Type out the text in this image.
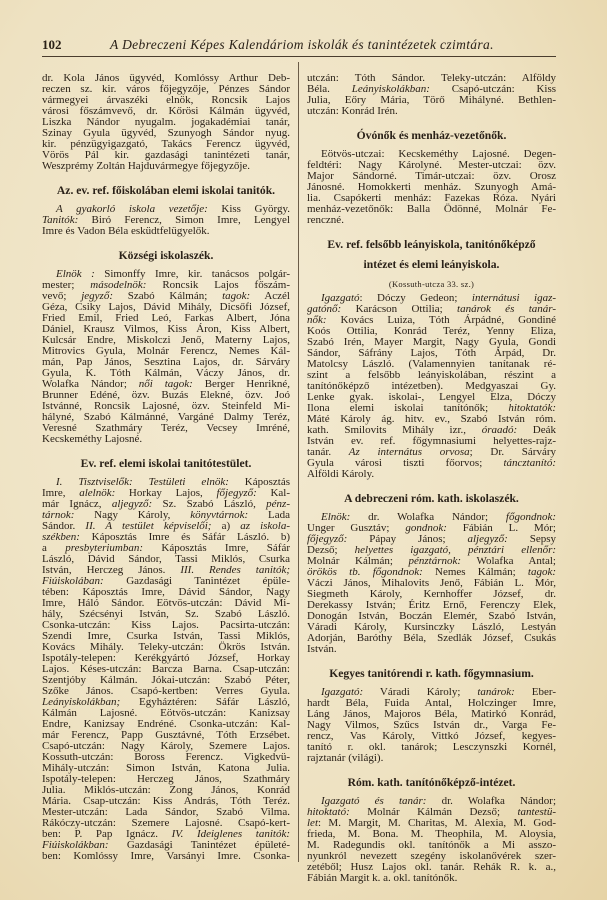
102	A Debreczeni Képes Kalendáriom iskolák és tanintézetek czimtára.
dr. Kola János ügyvéd, Komlóssy Arthur Deb-
reczen sz. kir. város főjegyzője, Pénzes Sándor
vármegyei árvaszéki elnök, Roncsik Lajos
városi főszámvevő, dr. Kőrösi Kálmán ügyvéd,
Liszka Nándor nyugalm. jogakadémiai tanár,
Szinay Gyula ügyvéd, Szunyogh Sándor nyug.
kir. pénzügyigazgató, Takács Ferencz ügyvéd,
Vörös Pál kir. gazdasági tanintézeti tanár,
Weszprémy Zoltán Hajduvármegye főjegyzője.
Az. ev. ref. főiskolában elemi iskolai tanitók.
A gyakorló iskola vezetője: Kiss György.
Tanitók: Biró Ferencz, Simon Imre, Lengyel
Imre és Vadon Béla esküdtfelügyelők.
Községi iskolaszék.
Elnök : Simonffy Imre, kir. tanácsos polgár-
mester; másodelnök: Roncsik Lajos főszám-
vevő; jegyző: Szabó Kálmán; tagok: Aczél
Géza, Csiky Lajos, Dávid Mihály, Dicsőfi József,
Fried Emil, Fried Leó, Farkas Albert, Jóna
Dániel, Krausz Vilmos, Kiss Áron, Kiss Albert,
Kulcsár Endre, Miskolczi Jenő, Materny Lajos,
Mitrovics Gyula, Molnár Ferencz, Nemes Kál-
mán, Pap János, Sesztina Lajos, dr. Sárváry
Gyula, K. Tóth Kálmán, Váczy János, dr.
Wolafka Nándor; női tagok: Berger Henrikné,
Brunner Edéné, özv. Buzás Elekné, özv. Joó
Istvánné, Roncsik Lajosné, özv. Steinfeld Mi-
hályné, Szabó Kálmánné, Vargáné Dalmy Teréz,
Veresné Szathmáry Teréz, Vecsey Imréné,
Kecskeméthy Lajosné.
Ev. ref. elemi iskolai tanitótestület.
I. Tisztviselők: Testületi elnök: Káposztás
Imre, alelnök: Horkay Lajos, főjegyző: Kal-
már Ignácz, aljegyző: Sz. Szabó László, pénz-
tárnok: Nagy Károly, könyvtárnok: Lada
Sándor. II. A testület képviselői; a) az iskola-
székben: Káposztás Imre és Sáfár László. b)
a presbyteriumban: Káposztás Imre, Sáfár
László, Dávid Sándor, Tassi Miklós, Csurka
István, Herczeg János. III. Rendes tanitók;
Fiúiskolában: Gazdasági Tanintézet épüle-
tében: Káposztás Imre, Dávid Sándor, Nagy
Imre, Háló Sándor. Eötvös-utczán: Dávid Mi-
hály, Szécsényi István, Sz. Szabó László.
Csonka-utczán: Kiss Lajos. Pacsirta-utczán:
Szendi Imre, Csurka István, Tassi Miklós,
Kovács Mihály. Teleky-utczán: Ökrös István.
Ispotály-telepen: Kerékgyártó József, Horkay
Lajos. Késes-utczán: Barcza Barna. Csap-utczán:
Szentjóby Kálmán. Jókai-utczán: Szabó Péter,
Szőke János. Csapó-kertben: Verres Gyula.
Leányiskolákban; Egyháztéren: Sáfár László,
Kálmán Lajosné. Eötvös-utczán: Kanizsay
Endre, Kanizsay Endréné. Csonka-utczán: Kal-
már Ferencz, Papp Gusztávné, Tóth Erzsébet.
Csapó-utczán: Nagy Károly, Szemere Lajos.
Kossuth-utczán: Boross Ferencz. Vigkedvü-
Mihály-utczán: Simon István, Katona Julia.
Ispotály-telepen: Herczeg János, Szathmáry
Julia. Miklós-utczán: Zong János, Konrád
Mária. Csap-utczán: Kiss András, Tóth Teréz.
Mester-utczán: Lada Sándor, Szabó Vilma.
Rákóczy-utczán: Szemere Lajosné. Csapó-kert-
ben: P. Pap Ignácz. IV. Ideiglenes tanitók:
Fiúiskolákban: Gazdasági Tanintézet épületé-
ben: Komlóssy Imre, Varsányi Imre. Csonka-
utczán: Tóth Sándor. Teleky-utczán: Alföldy
Béla. Leányiskolákban: Csapó-utczán: Kiss
Julia, Eőry Mária, Törő Mihályné. Bethlen-
utczán: Konrád Irén.
Óvónők és menház-vezetőnők.
Eötvös-utczai: Kecskeméthy Lajosné. Degen-
feldtéri: Nagy Károlyné. Mester-utczai: özv.
Major Sándorné. Timár-utczai: özv. Orosz
Jánosné. Homokkerti menház. Szunyogh Amá-
lia. Csapókerti menház: Fazekas Róza. Nyári
menház-vezetőnők: Balla Ödönné, Molnár Fe-
renczné.
Ev. ref. felsőbb leányiskola, tanitónőképző
intézet és elemi leányiskola.
(Kossuth-utcza 33. sz.)
Igazgató: Dóczy Gedeon; internátusi igaz-
gatónő: Karácson Ottilia; tanárok és tanár-
nők: Kovács Luiza, Tóth Árpádné, Gondiné
Koós Ottilia, Konrád Teréz, Yenny Eliza,
Szabó Irén, Mayer Margit, Nagy Gyula, Gondi
Sándor, Sáfrány Lajos, Tóth Árpád, Dr.
Matolcsy László. (Valamennyien tanítanak ré-
szint a felsőbb leányiskolában, részint a
tanítónőképző intézetben). Medgyaszai Gy.
Lenke gyak. iskolai-, Lengyel Elza, Dóczy
Ilona elemi iskolai tanítónők; hitoktatók:
Máté Károly ág. hitv. ev., Szabó István róm.
kath. Smilovits Mihály izr., óraadó: Deák
István ev. ref. főgymnasiumi helyettes-rajz-
tanár. Az internátus orvosa; Dr. Sárváry
Gyula városi tiszti főorvos; táncztanító:
Alföldi Károly.
A debreczeni róm. kath. iskolaszék.
Elnök: dr. Wolafka Nándor; főgondnok:
Unger Gusztáv; gondnok: Fábián L. Mór;
főjegyző: Pápay János; aljegyző: Sepsy
Dezső; helyettes igazgató, pénztári ellenőr:
Molnár Kálmán; pénztárnok: Wolafka Antal;
örökös tb. főgondnok: Nemes Kálmán; tagok:
Váczi János, Mihalovits Jenő, Fábián L. Mór,
Siegmeth Károly, Kernhoffer József, dr.
Derekassy István; Éritz Ernő, Ferenczy Elek,
Donogán István, Boczán Elemér, Szabó István,
Váradi Károly, Kursinczky László, Lestyán
Adorján, Baróthy Béla, Szedlák József, Csukás
István.
Kegyes tanitórendi r. kath. főgymnasium.
Igazgató: Váradi Károly; tanárok: Eber-
hardt Béla, Fuida Antal, Holczinger Imre,
Láng János, Majoros Béla, Matirkó Konrád,
Nagy Vilmos, Szűcs István dr., Varga Fe-
rencz, Vas Károly, Vittkó József, kegyes-
tanító r. okl. tanárok; Lesczynszki Kornél,
rajztanár (világi).
Róm. kath. tanítónőképző-intézet.
Igazgató és tanár: dr. Wolafka Nándor;
hitoktató: Molnár Kálmán Dezső; tantestü-
let: M. Margit, M. Charitas, M. Alexia, M. God-
frieda, M. Bona. M. Theophila, M. Aloysia,
M. Radegundis okl. tanítónők a Mi asszo-
nyunkról nevezett szegény iskolanővérek szer-
zetéből; Husz Lajos okl. tanár. Rehák R. k. a.,
Fábián Margit k. a. okl. tanítónők.
